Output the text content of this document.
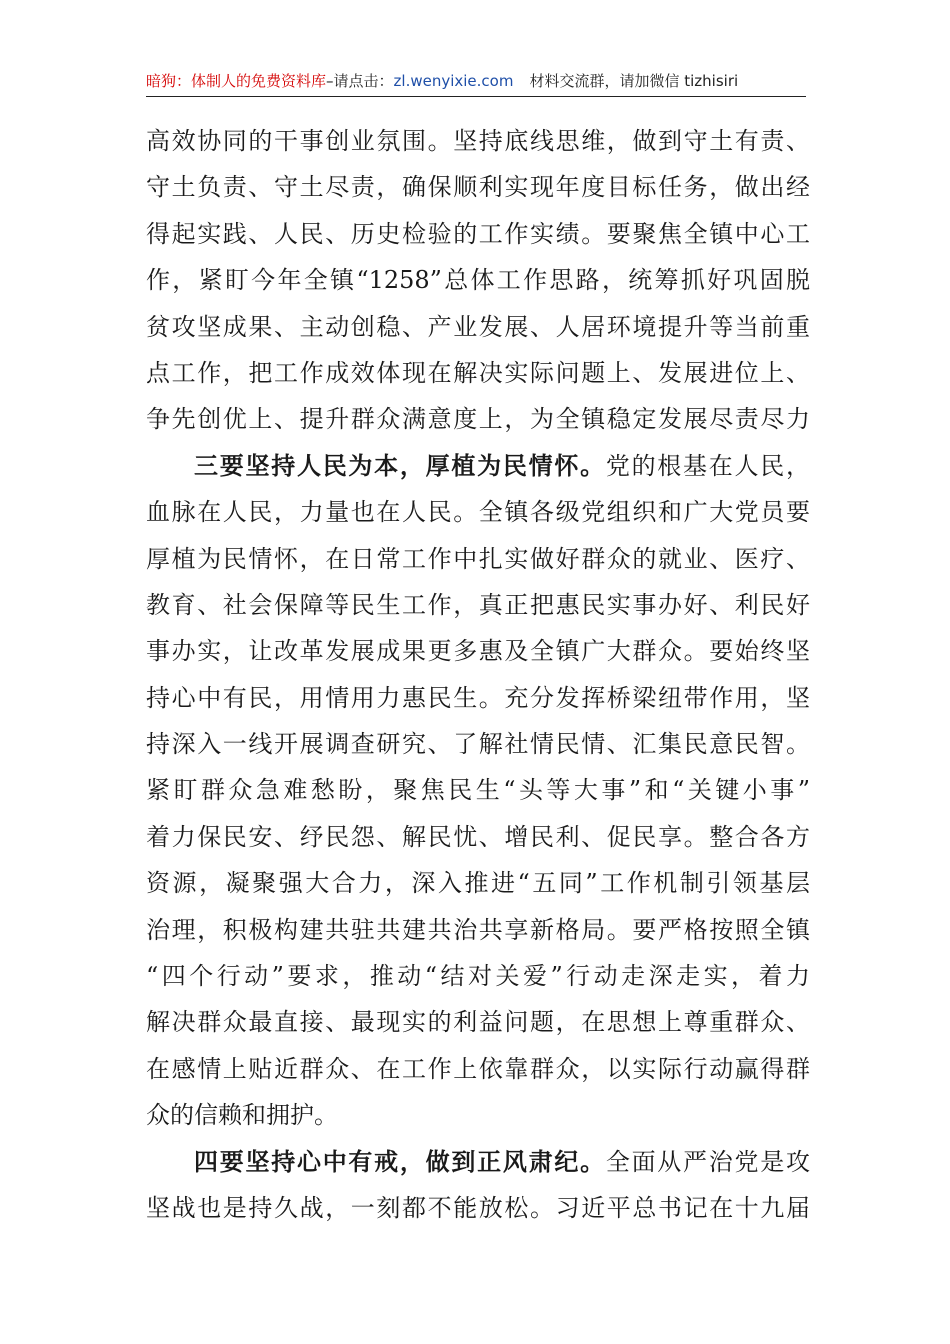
暗狗：体制人的免费资料库–请点击：zl.wenyixie.com 材料交流群，请加微信 tizhisiri
高效协同的干事创业氛围。坚持底线思维，做到守土有责、
守土负责、守土尽责，确保顺利实现年度目标任务，做出经
得起实践、人民、历史检验的工作实绩。要聚焦全镇中心工
作，紧盯今年全镇“1258”总体工作思路，统筹抓好巩固脱
贫攻坚成果、主动创稳、产业发展、人居环境提升等当前重
点工作，把工作成效体现在解决实际问题上、发展进位上、
争先创优上、提升群众满意度上，为全镇稳定发展尽责尽力
三要坚持人民为本，厚植为民情怀。党的根基在人民，
血脉在人民，力量也在人民。全镇各级党组织和广大党员要
厚植为民情怀，在日常工作中扎实做好群众的就业、医疗、
教育、社会保障等民生工作，真正把惠民实事办好、利民好
事办实，让改革发展成果更多惠及全镇广大群众。要始终坚
持心中有民，用情用力惠民生。充分发挥桥梁纽带作用，坚
持深入一线开展调查研究、了解社情民情、汇集民意民智。
紧盯群众急难愁盼，聚焦民生“头等大事”和“关键小事”
着力保民安、纾民怨、解民忧、增民利、促民享。整合各方
资源，凝聚强大合力，深入推进“五同”工作机制引领基层
治理，积极构建共驻共建共治共享新格局。要严格按照全镇
“四个行动”要求，推动“结对关爱”行动走深走实，着力
解决群众最直接、最现实的利益问题，在思想上尊重群众、
在感情上贴近群众、在工作上依靠群众，以实际行动赢得群
众的信赖和拥护。
四要坚持心中有戒，做到正风肃纪。全面从严治党是攻
坚战也是持久战，一刻都不能放松。习近平总书记在十九届
